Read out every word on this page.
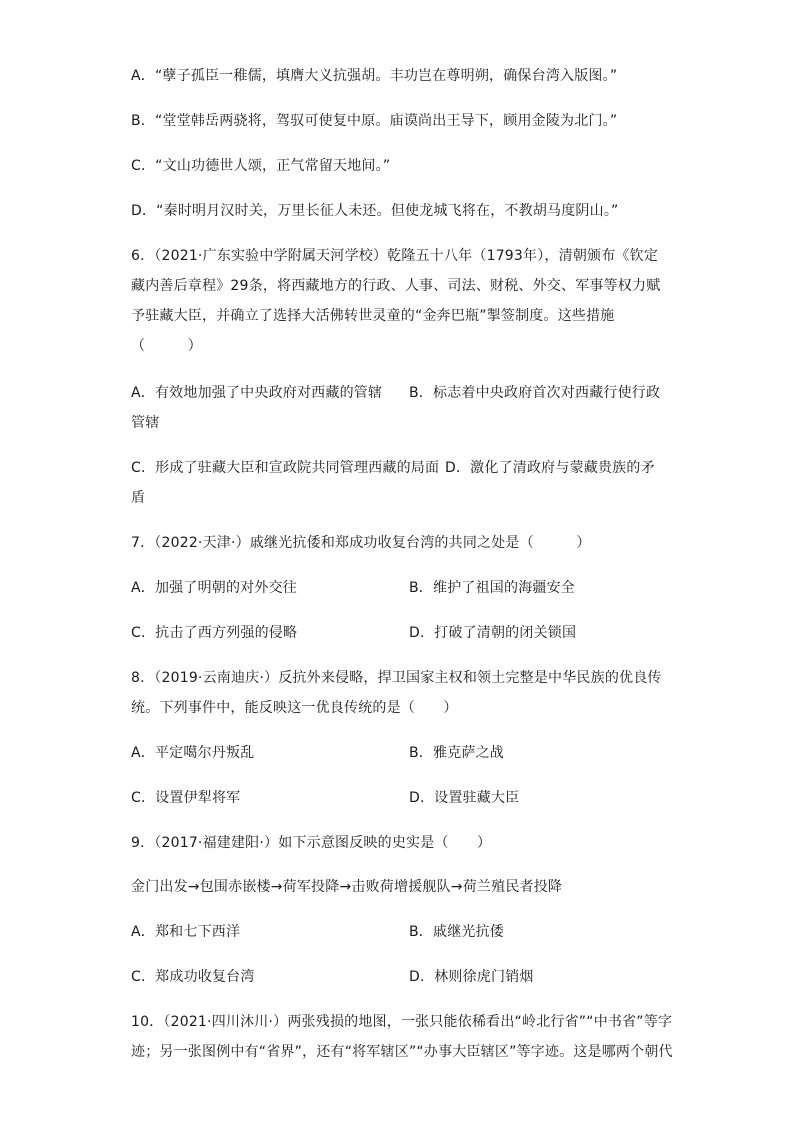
A．“孽子孤臣一稚儒，填膺大义抗强胡。丰功岂在尊明朔，确保台湾入版图。”
B．“堂堂韩岳两骁将，驾驭可使复中原。庙谟尚出王导下，顾用金陵为北门。”
C．“文山功德世人颂，正气常留天地间。”
D．“秦时明月汉时关，万里长征人未还。但使龙城飞将在，不教胡马度阴山。”
6．（2021·广东实验中学附属天河学校）乾隆五十八年（1793年），清朝颁布《钦定
藏内善后章程》29条，将西藏地方的行政、人事、司法、财税、外交、军事等权力赋
予驻藏大臣，并确立了选择大活佛转世灵童的“金奔巴瓶”掣签制度。这些措施
（　　　）
A．有效地加强了中央政府对西藏的管辖 B．标志着中央政府首次对西藏行使行政
管辖
C．形成了驻藏大臣和宣政院共同管理西藏的局面 D．激化了清政府与蒙藏贵族的矛
盾
7．（2022·天津·）戚继光抗倭和郑成功收复台湾的共同之处是（　　　）
A．加强了明朝的对外交往	B．维护了祖国的海疆安全
C．抗击了西方列强的侵略	D．打破了清朝的闭关锁国
8．（2019·云南迪庆·）反抗外来侵略，捍卫国家主权和领土完整是中华民族的优良传
统。下列事件中，能反映这一优良传统的是（　　）
A．平定噶尔丹叛乱	B．雅克萨之战
C．设置伊犁将军	D．设置驻藏大臣
9．（2017·福建建阳·）如下示意图反映的史实是（　　）
金门出发→包围赤嵌楼→荷军投降→击败荷增援舰队→荷兰殖民者投降
A．郑和七下西洋	B．戚继光抗倭
C．郑成功收复台湾	D．林则徐虎门销烟
10．（2021·四川沐川·）两张残损的地图，一张只能依稀看出“岭北行省”“中书省”等字
迹；另一张图例中有“省界”，还有“将军辖区”“办事大臣辖区”等字迹。这是哪两个朝代
